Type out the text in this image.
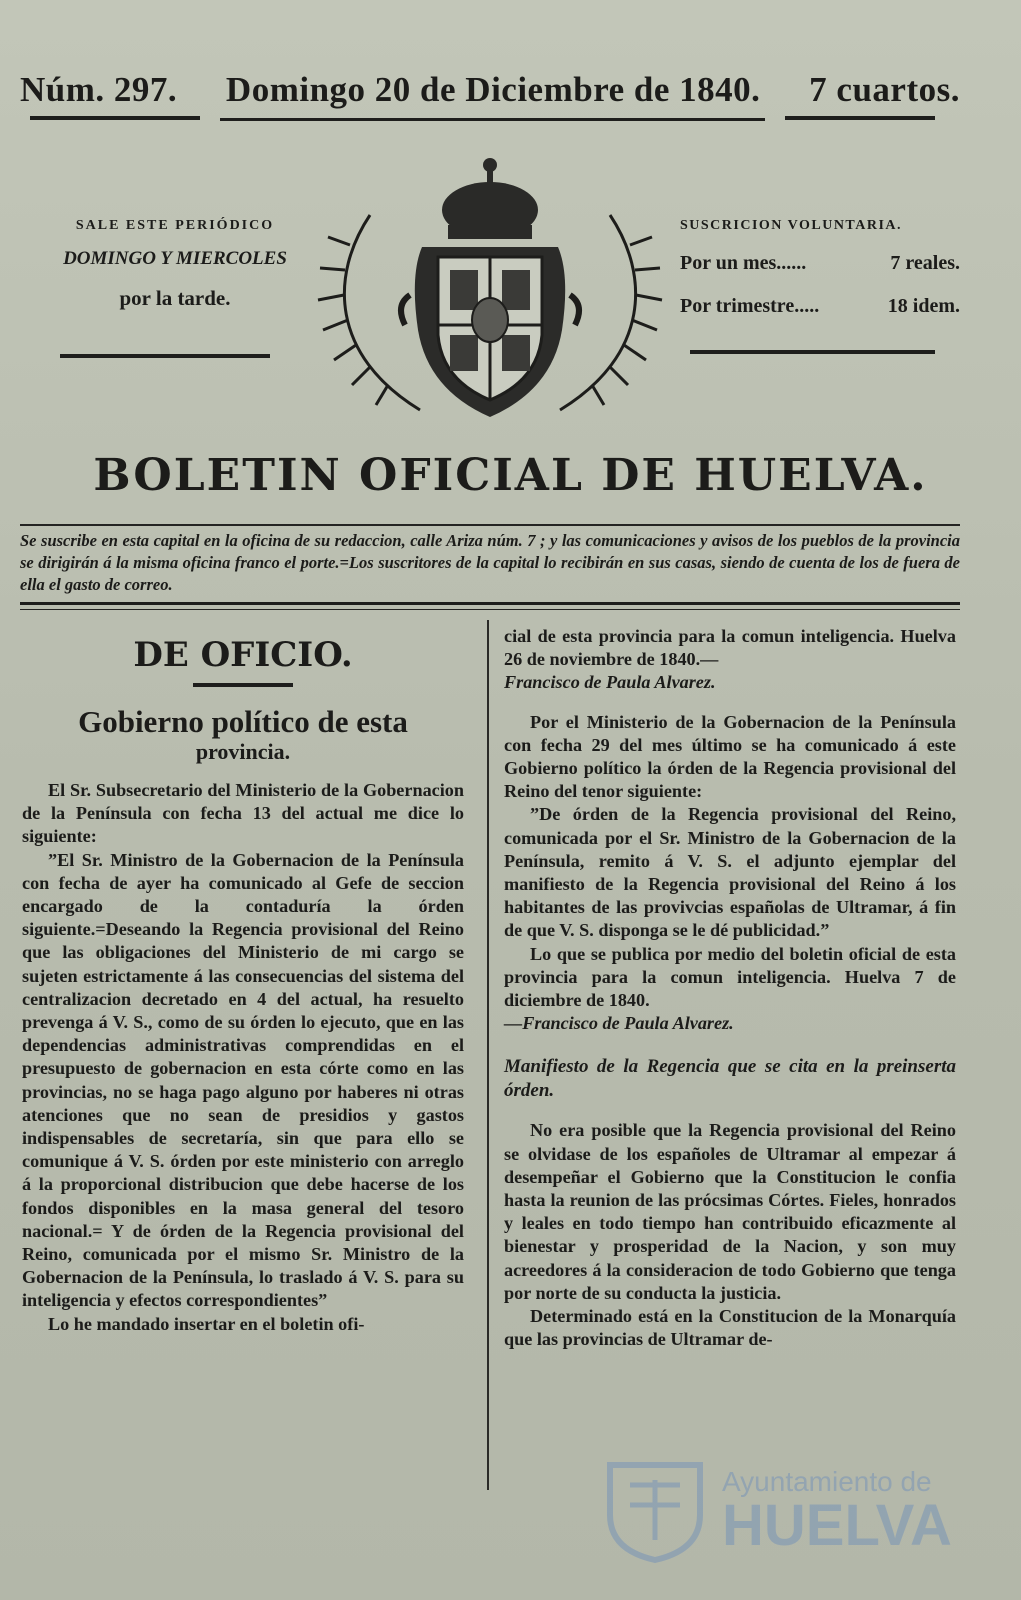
Núm. 297. Domingo 20 de Diciembre de 1840. 7 cuartos.
SALE ESTE PERIÓDICO
DOMINGO Y MIERCOLES
por la tarde.
SUSCRICION VOLUNTARIA.
Por un mes......	7 reales.
Por trimestre.....	18 idem.
BOLETIN OFICIAL DE HUELVA.
Se suscribe en esta capital en la oficina de su redaccion, calle Ariza núm. 7 ; y las comunicaciones y avisos de los pueblos de la provincia se dirigirán á la misma oficina franco el porte.=Los suscritores de la capital lo recibirán en sus casas, siendo de cuenta de los de fuera de ella el gasto de correo.
DE OFICIO.
Gobierno político de esta
provincia.

El Sr. Subsecretario del Ministerio de la Gobernacion de la Península con fecha 13 del actual me dice lo siguiente:

”El Sr. Ministro de la Gobernacion de la Península con fecha de ayer ha comunicado al Gefe de seccion encargado de la contaduría la órden siguiente.=Deseando la Regencia provisional del Reino que las obligaciones del Ministerio de mi cargo se sujeten estrictamente á las consecuencias del sistema del centralizacion decretado en 4 del actual, ha resuelto prevenga á V. S., como de su órden lo ejecuto, que en las dependencias administrativas comprendidas en el presupuesto de gobernacion en esta córte como en las provincias, no se haga pago alguno por haberes ni otras atenciones que no sean de presidios y gastos indispensables de secretaría, sin que para ello se comunique á V. S. órden por este ministerio con arreglo á la proporcional distribucion que debe hacerse de los fondos disponibles en la masa general del tesoro nacional.= Y de órden de la Regencia provisional del Reino, comunicada por el mismo Sr. Ministro de la Gobernacion de la Península, lo traslado á V. S. para su inteligencia y efectos correspondientes”

Lo he mandado insertar en el boletin ofi-

cial de esta provincia para la comun inteligencia. Huelva 26 de noviembre de 1840.—

Francisco de Paula Alvarez.

Por el Ministerio de la Gobernacion de la Península con fecha 29 del mes último se ha comunicado á este Gobierno político la órden de la Regencia provisional del Reino del tenor siguiente:

”De órden de la Regencia provisional del Reino, comunicada por el Sr. Ministro de la Gobernacion de la Península, remito á V. S. el adjunto ejemplar del manifiesto de la Regencia provisional del Reino á los habitantes de las provivcias españolas de Ultramar, á fin de que V. S. disponga se le dé publicidad.”

Lo que se publica por medio del boletin oficial de esta provincia para la comun inteligencia. Huelva 7 de diciembre de 1840.

—Francisco de Paula Alvarez.

Manifiesto de la Regencia que se cita en la preinserta órden.

No era posible que la Regencia provisional del Reino se olvidase de los españoles de Ultramar al empezar á desempeñar el Gobierno que la Constitucion le confia hasta la reunion de las prócsimas Córtes. Fieles, honrados y leales en todo tiempo han contribuido eficazmente al bienestar y prosperidad de la Nacion, y son muy acreedores á la consideracion de todo Gobierno que tenga por norte de su conducta la justicia.

Determinado está en la Constitucion de la Monarquía que las provincias de Ultramar de-

Ayuntamiento de
HUELVA
